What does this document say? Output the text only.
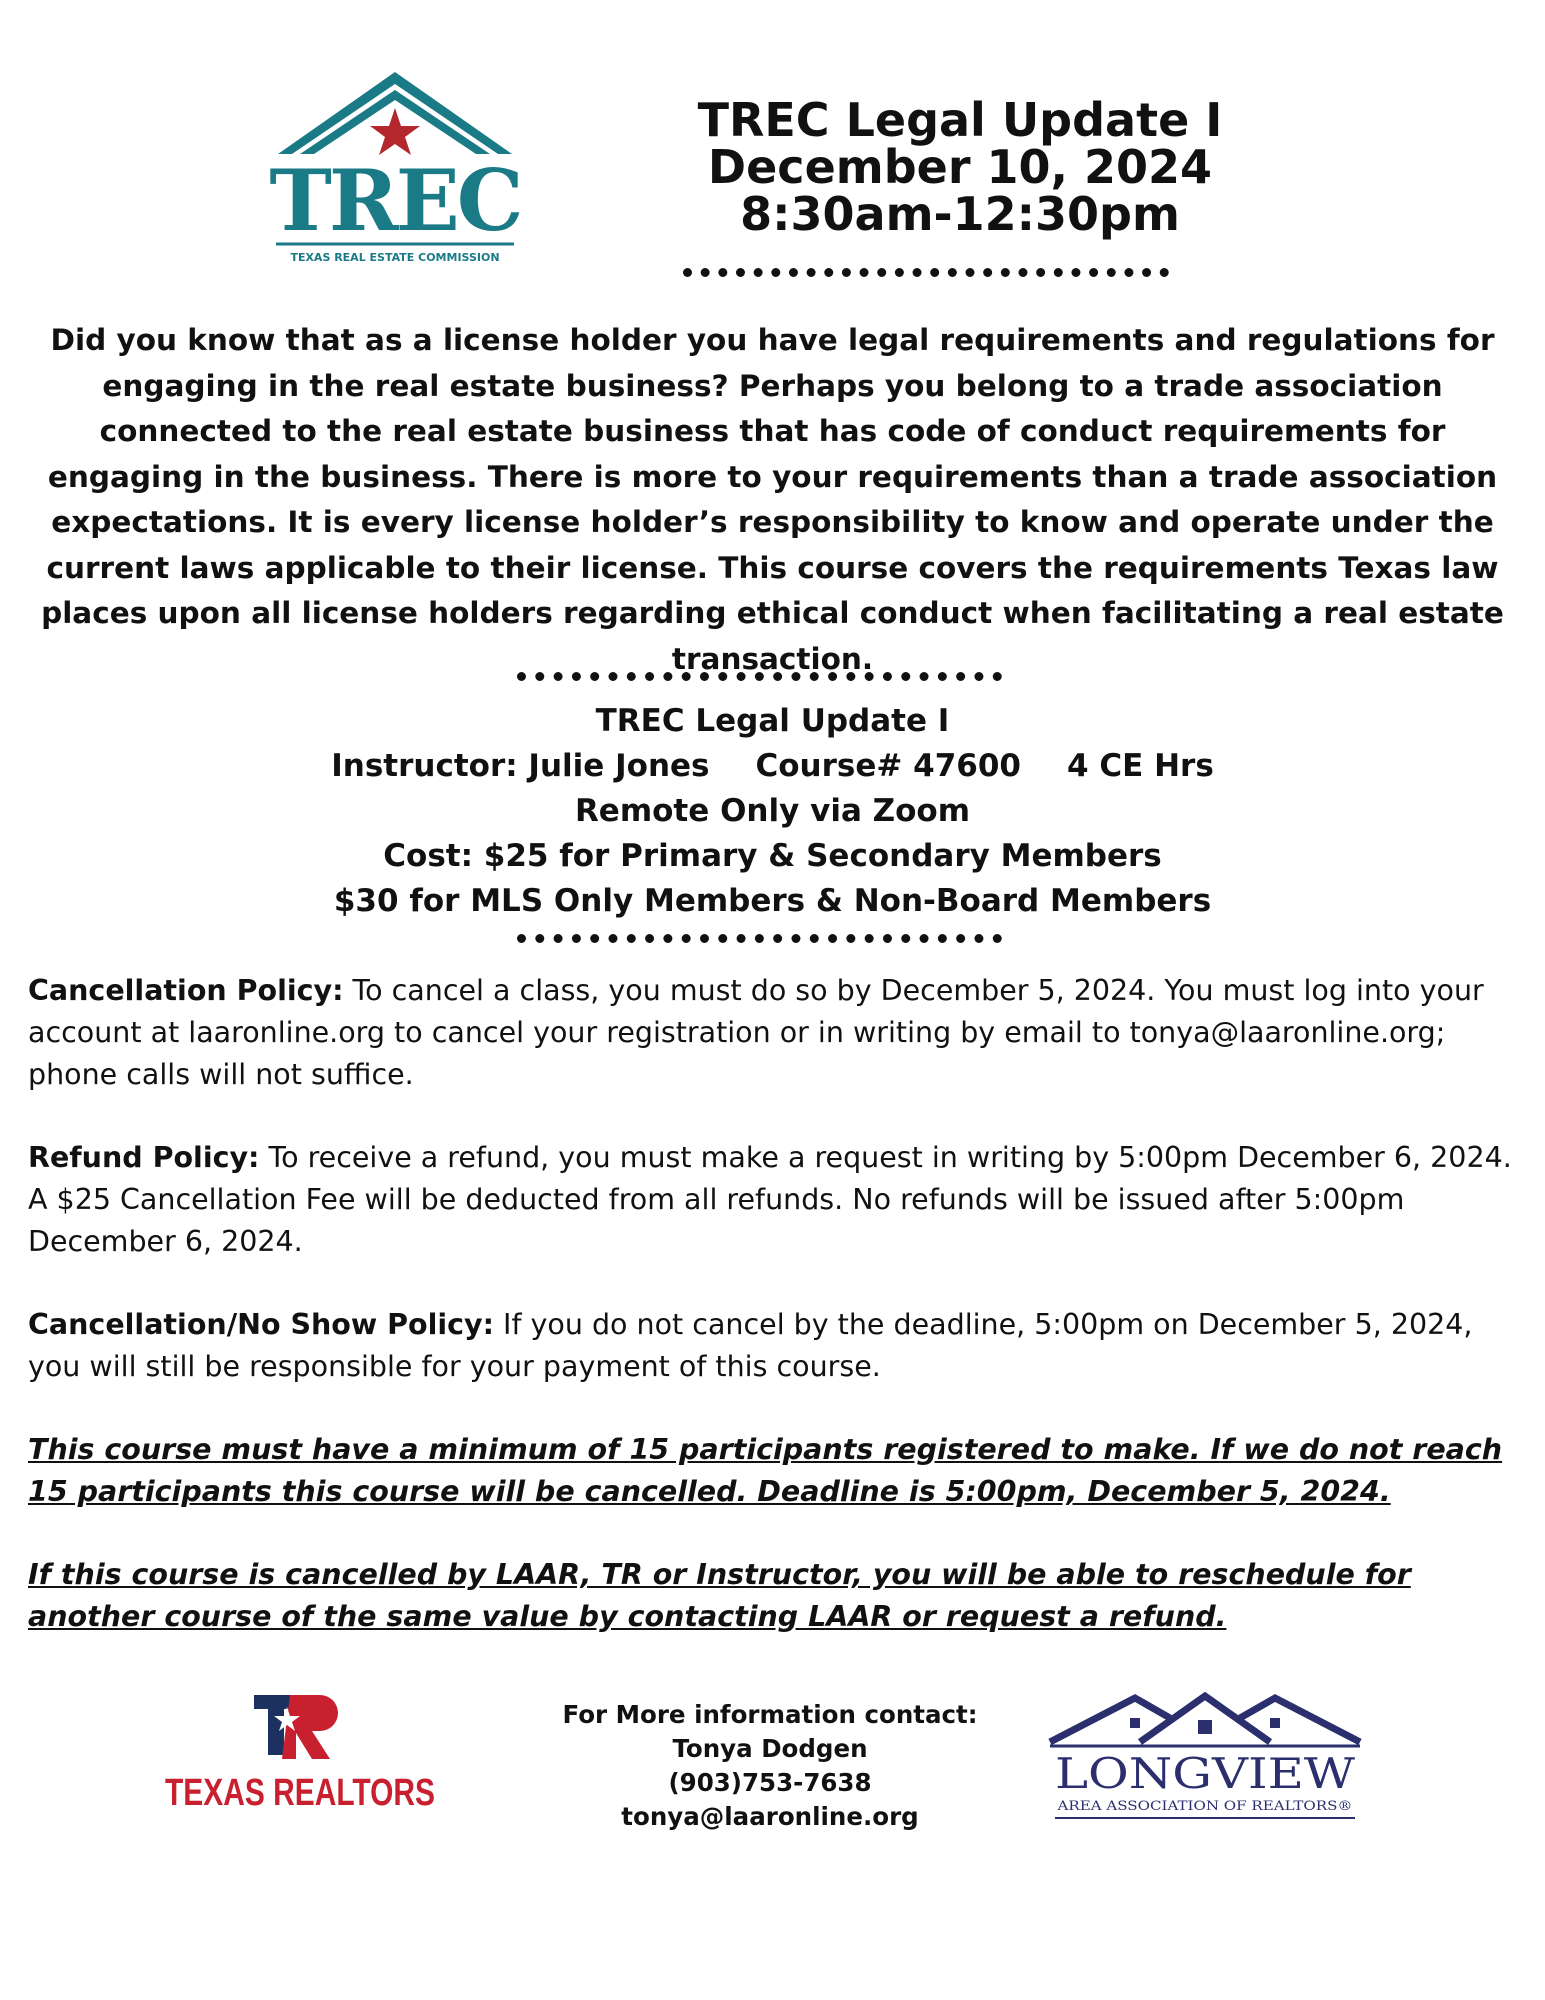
TREC
TEXAS REAL ESTATE COMMISSION
TREC Legal Update I
December 10, 2024
8:30am-12:30pm

Did you know that as a license holder you have legal requirements and regulations for engaging in the real estate business? Perhaps you belong to a trade association connected to the real estate business that has code of conduct requirements for engaging in the business. There is more to your requirements than a trade association expectations. It is every license holder’s responsibility to know and operate under the current laws applicable to their license. This course covers the requirements Texas law places upon all license holders regarding ethical conduct when facilitating a real estate transaction.

TREC Legal Update I
Instructor: Julie Jones Course# 47600 4 CE Hrs
Remote Only via Zoom
Cost: $25 for Primary & Secondary Members
$30 for MLS Only Members & Non-Board Members

Cancellation Policy: To cancel a class, you must do so by December 5, 2024. You must log into your account at laaronline.org to cancel your registration or in writing by email to tonya@laaronline.org; phone calls will not suffice.

Refund Policy: To receive a refund, you must make a request in writing by 5:00pm December 6, 2024. A $25 Cancellation Fee will be deducted from all refunds. No refunds will be issued after 5:00pm December 6, 2024.

Cancellation/No Show Policy: If you do not cancel by the deadline, 5:00pm on December 5, 2024, you will still be responsible for your payment of this course.

This course must have a minimum of 15 participants registered to make. If we do not reach 15 participants this course will be cancelled. Deadline is 5:00pm, December 5, 2024.

If this course is cancelled by LAAR, TR or Instructor, you will be able to reschedule for another course of the same value by contacting LAAR or request a refund.

TEXAS REALTORS
For More information contact:
Tonya Dodgen
(903)753-7638
tonya@laaronline.org
LONGVIEW
AREA ASSOCIATION OF REALTORS®
